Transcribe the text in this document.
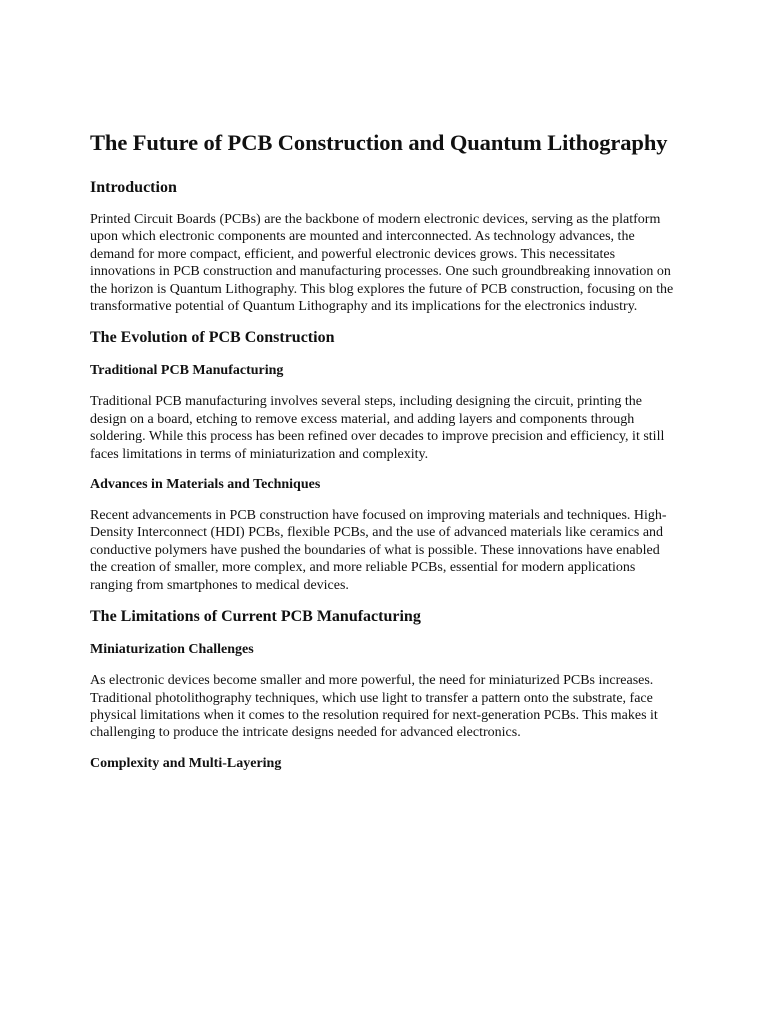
The Future of PCB Construction and Quantum Lithography
Introduction

Printed Circuit Boards (PCBs) are the backbone of modern electronic devices, serving as the platform upon which electronic components are mounted and interconnected. As technology advances, the demand for more compact, efficient, and powerful electronic devices grows. This necessitates innovations in PCB construction and manufacturing processes. One such groundbreaking innovation on the horizon is Quantum Lithography. This blog explores the future of PCB construction, focusing on the transformative potential of Quantum Lithography and its implications for the electronics industry.

The Evolution of PCB Construction
Traditional PCB Manufacturing

Traditional PCB manufacturing involves several steps, including designing the circuit, printing the design on a board, etching to remove excess material, and adding layers and components through soldering. While this process has been refined over decades to improve precision and efficiency, it still faces limitations in terms of miniaturization and complexity.

Advances in Materials and Techniques

Recent advancements in PCB construction have focused on improving materials and techniques. High-Density Interconnect (HDI) PCBs, flexible PCBs, and the use of advanced materials like ceramics and conductive polymers have pushed the boundaries of what is possible. These innovations have enabled the creation of smaller, more complex, and more reliable PCBs, essential for modern applications ranging from smartphones to medical devices.

The Limitations of Current PCB Manufacturing
Miniaturization Challenges

As electronic devices become smaller and more powerful, the need for miniaturized PCBs increases. Traditional photolithography techniques, which use light to transfer a pattern onto the substrate, face physical limitations when it comes to the resolution required for next-generation PCBs. This makes it challenging to produce the intricate designs needed for advanced electronics.

Complexity and Multi-Layering
